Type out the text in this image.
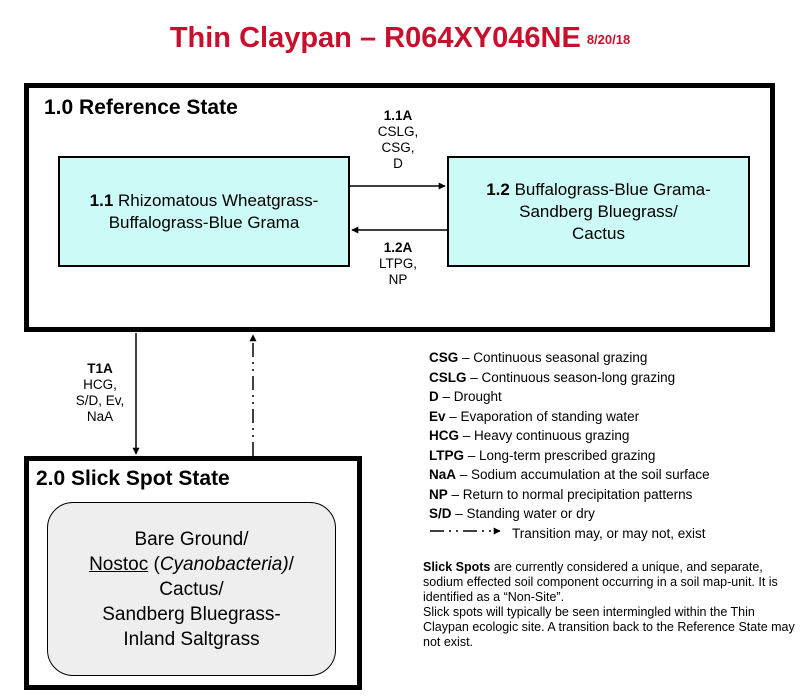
Thin Claypan – R064XY046NE 8/20/18
1.0 Reference State
1.1 Rhizomatous Wheatgrass-
Buffalograss-Blue Grama
1.2 Buffalograss-Blue Grama-
Sandberg Bluegrass/
Cactus
1.1A
CSLG,
CSG,
D
1.2A
LTPG,
NP
T1A
HCG,
S/D, Ev,
NaA
2.0 Slick Spot State
Bare Ground/
Nostoc (Cyanobacteria)/
Cactus/
Sandberg Bluegrass-
Inland Saltgrass
CSG – Continuous seasonal grazing
CSLG – Continuous season-long grazing
D – Drought
Ev – Evaporation of standing water
HCG – Heavy continuous grazing
LTPG – Long-term prescribed grazing
NaA – Sodium accumulation at the soil surface
NP – Return to normal precipitation patterns
S/D – Standing water or dry
Transition may, or may not, exist

Slick Spots are currently considered a unique, and separate, sodium effected soil component occurring in a soil map-unit. It is identified as a “Non-Site”.

Slick spots will typically be seen intermingled within the Thin Claypan ecologic site. A transition back to the Reference State may not exist.
